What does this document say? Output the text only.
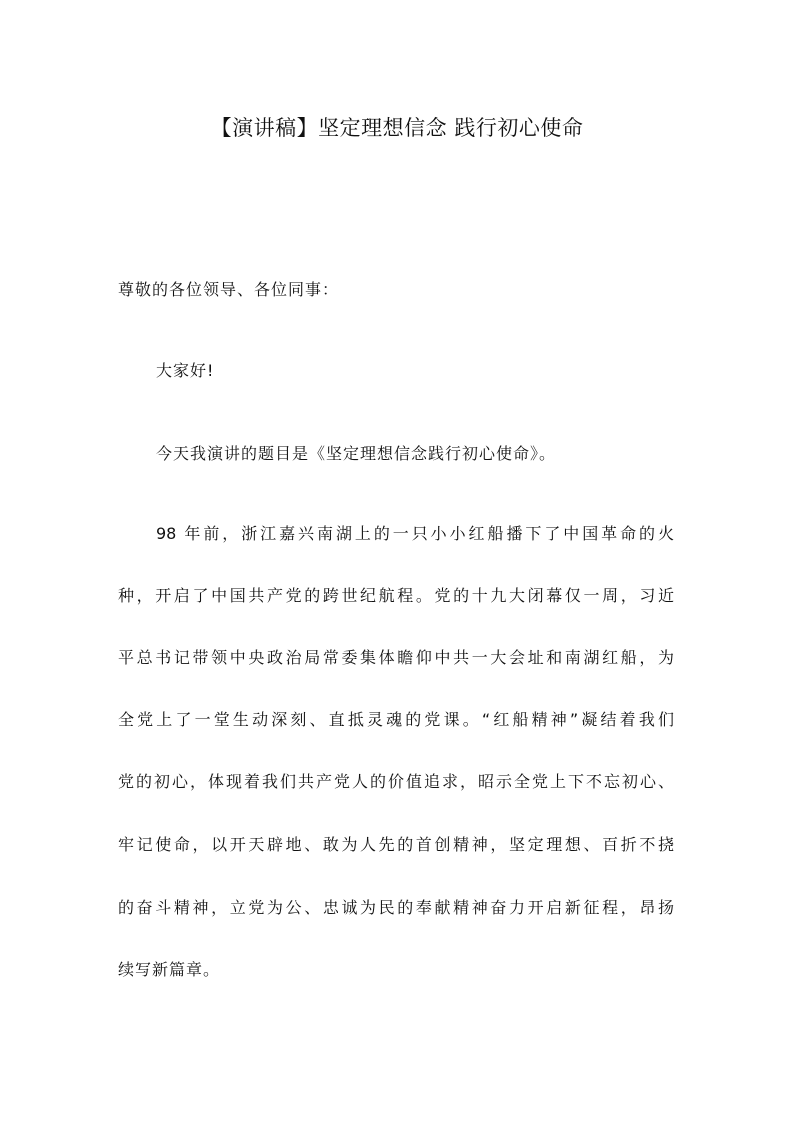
【演讲稿】坚定理想信念 践行初心使命
尊敬的各位领导、各位同事：
大家好!
今天我演讲的题目是《坚定理想信念践行初心使命》。
98 年前，浙江嘉兴南湖上的一只小小红船播下了中国革命的火
种，开启了中国共产党的跨世纪航程。党的十九大闭幕仅一周，习近
平总书记带领中央政治局常委集体瞻仰中共一大会址和南湖红船，为
全党上了一堂生动深刻、直抵灵魂的党课。“红船精神”凝结着我们
党的初心，体现着我们共产党人的价值追求，昭示全党上下不忘初心、
牢记使命，以开天辟地、敢为人先的首创精神，坚定理想、百折不挠
的奋斗精神，立党为公、忠诚为民的奉献精神奋力开启新征程，昂扬
续写新篇章。
